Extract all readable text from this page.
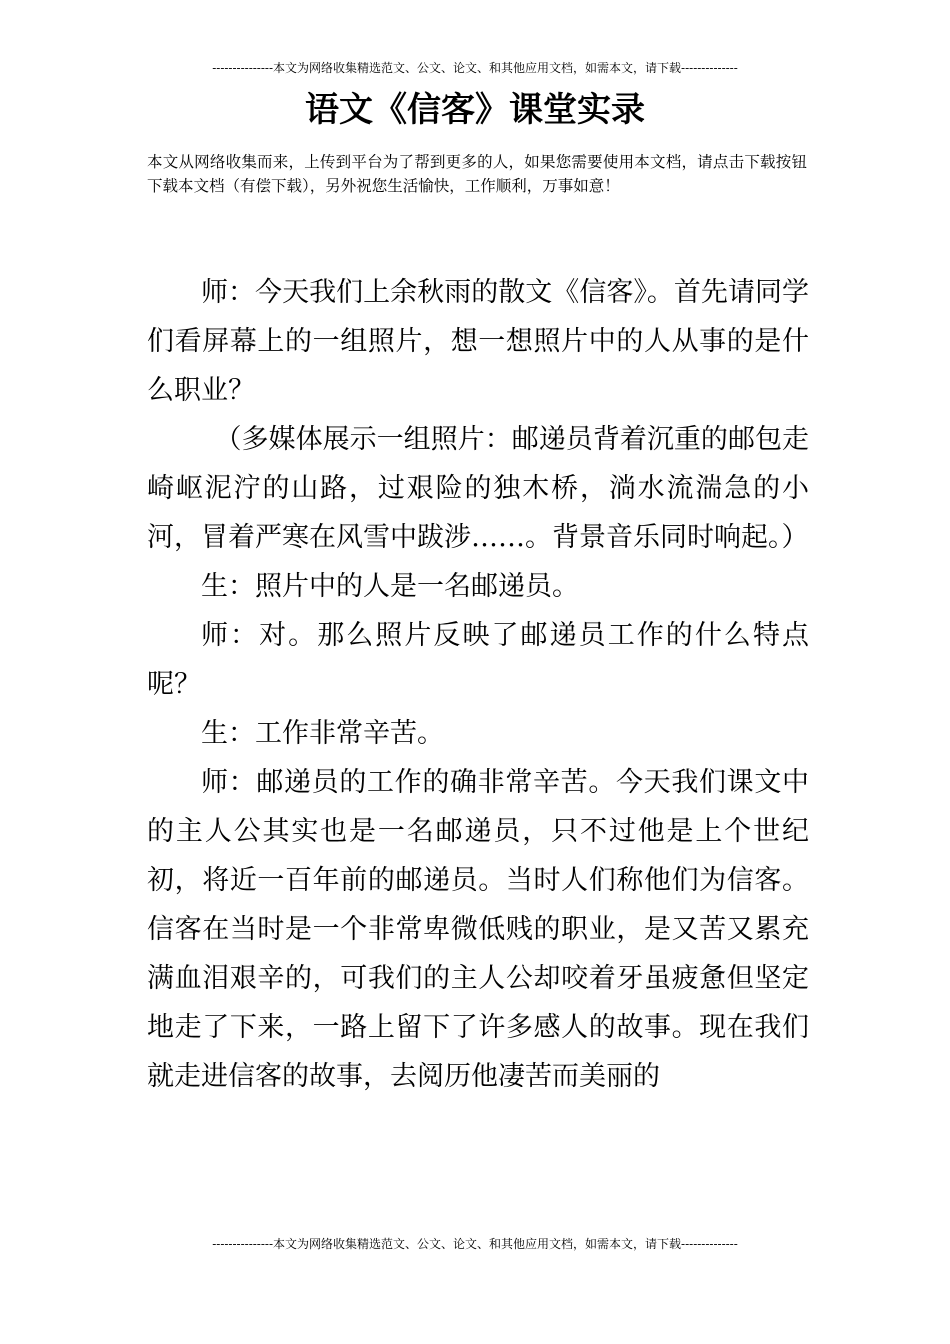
---------------本文为网络收集精选范文、公文、论文、和其他应用文档，如需本文，请下载--------------
语文《信客》课堂实录

本文从网络收集而来，上传到平台为了帮到更多的人，如果您需要使用本文档，请点击下载按钮下载本文档（有偿下载），另外祝您生活愉快，工作顺利，万事如意！

师：今天我们上余秋雨的散文《信客》。首先请同学们看屏幕上的一组照片，想一想照片中的人从事的是什么职业？

（多媒体展示一组照片：邮递员背着沉重的邮包走崎岖泥泞的山路，过艰险的独木桥，淌水流湍急的小河，冒着严寒在风雪中跋涉……。背景音乐同时响起。）

生：照片中的人是一名邮递员。

师：对。那么照片反映了邮递员工作的什么特点呢？

生：工作非常辛苦。

师：邮递员的工作的确非常辛苦。今天我们课文中的主人公其实也是一名邮递员，只不过他是上个世纪初，将近一百年前的邮递员。当时人们称他们为信客。信客在当时是一个非常卑微低贱的职业，是又苦又累充满血泪艰辛的，可我们的主人公却咬着牙虽疲惫但坚定地走了下来，一路上留下了许多感人的故事。现在我们就走进信客的故事，去阅历他凄苦而美丽的

---------------本文为网络收集精选范文、公文、论文、和其他应用文档，如需本文，请下载--------------
